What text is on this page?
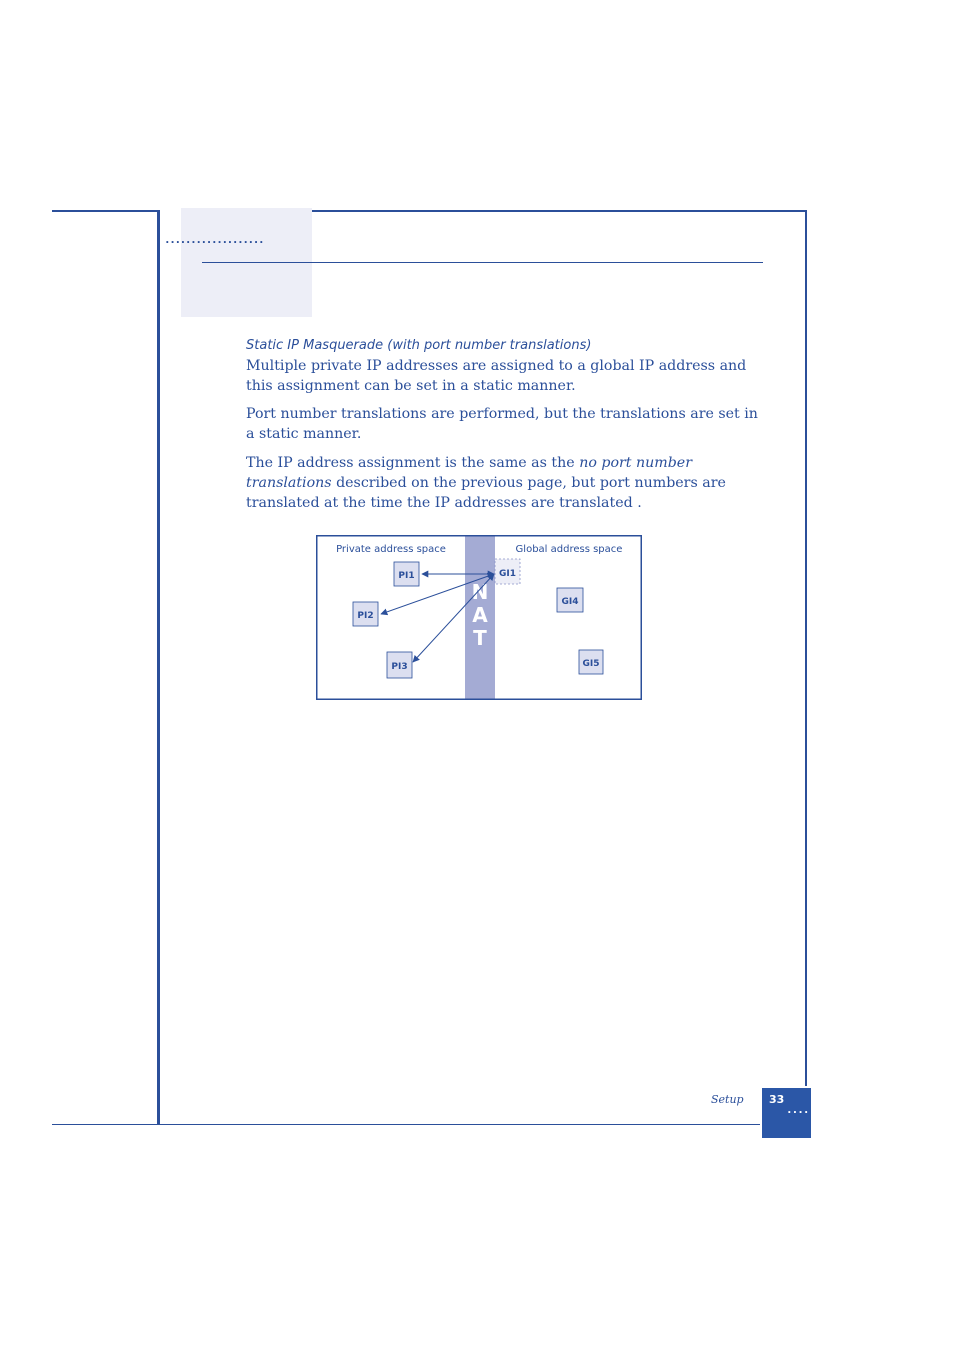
...................
Static IP Masquerade (with port number translations)

Multiple private IP addresses are assigned to a global IP address and this assignment can be set in a static manner.

Port number translations are performed, but the translations are set in a static manner.

The IP address assignment is the same as the no port number translations described on the previous page, but port numbers are translated at the time the IP addresses are translated .

N
A
T
Private address space	Global address space
PI1
PI2
PI3
GI1
GI4
GI5
Setup 33
....
